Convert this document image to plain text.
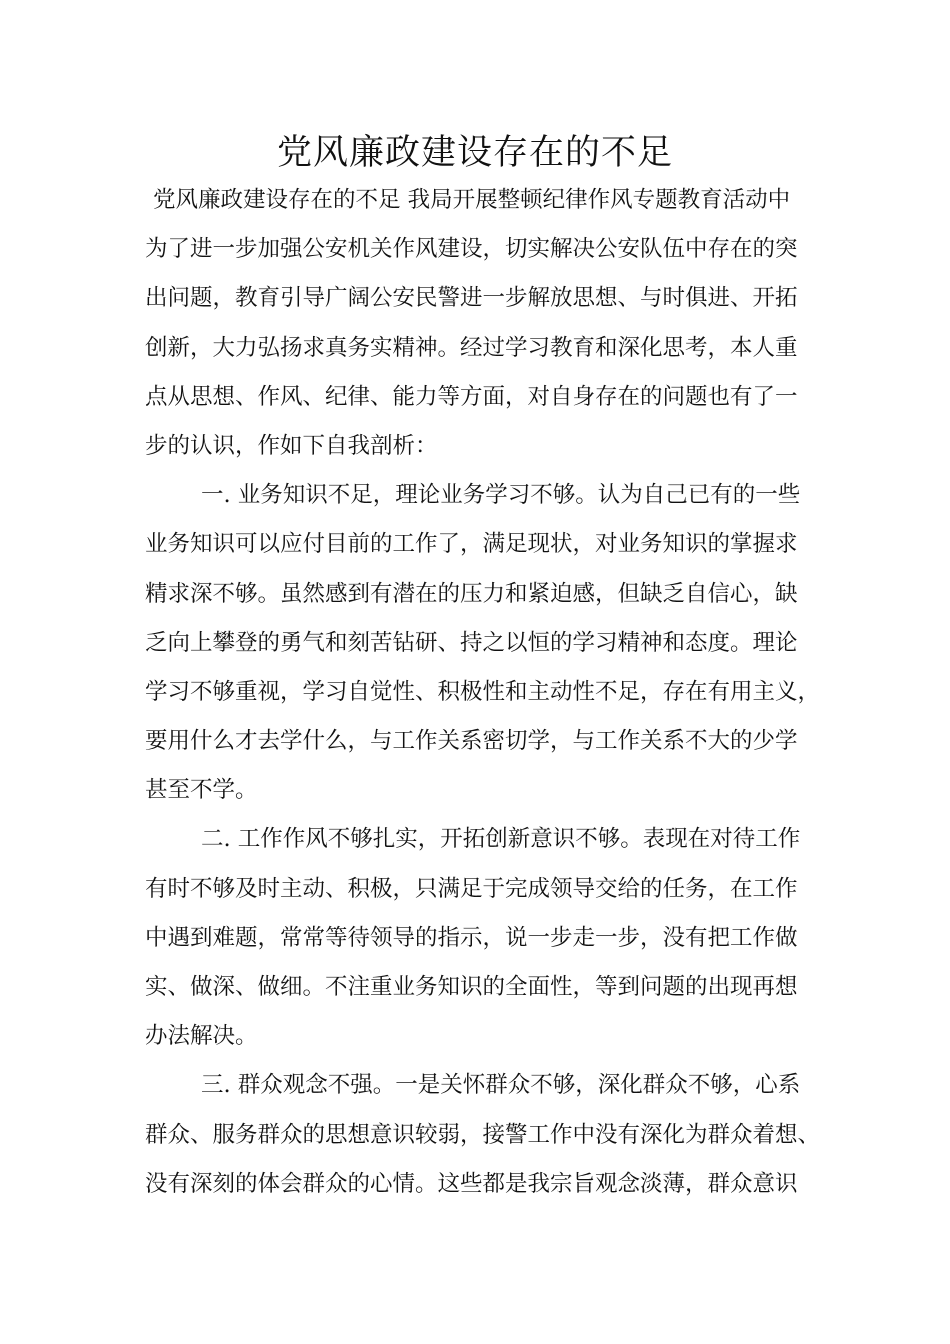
党风廉政建设存在的不足

党风廉政建设存在的不足 我局开展整顿纪律作风专题教育活动中

为了进一步加强公安机关作风建设，切实解决公安队伍中存在的突

出问题，教育引导广阔公安民警进一步解放思想、与时俱进、开拓

创新，大力弘扬求真务实精神。经过学习教育和深化思考，本人重

点从思想、作风、纪律、能力等方面，对自身存在的问题也有了一

步的认识，作如下自我剖析：

一. 业务知识不足，理论业务学习不够。认为自己已有的一些

业务知识可以应付目前的工作了，满足现状，对业务知识的掌握求

精求深不够。虽然感到有潜在的压力和紧迫感，但缺乏自信心，缺

乏向上攀登的勇气和刻苦钻研、持之以恒的学习精神和态度。理论

学习不够重视，学习自觉性、积极性和主动性不足，存在有用主义，

要用什么才去学什么，与工作关系密切学，与工作关系不大的少学

甚至不学。

二. 工作作风不够扎实，开拓创新意识不够。表现在对待工作

有时不够及时主动、积极，只满足于完成领导交给的任务，在工作

中遇到难题，常常等待领导的指示，说一步走一步，没有把工作做

实、做深、做细。不注重业务知识的全面性，等到问题的出现再想

办法解决。

三. 群众观念不强。一是关怀群众不够，深化群众不够，心系

群众、服务群众的思想意识较弱，接警工作中没有深化为群众着想、

没有深刻的体会群众的心情。这些都是我宗旨观念淡薄，群众意识
